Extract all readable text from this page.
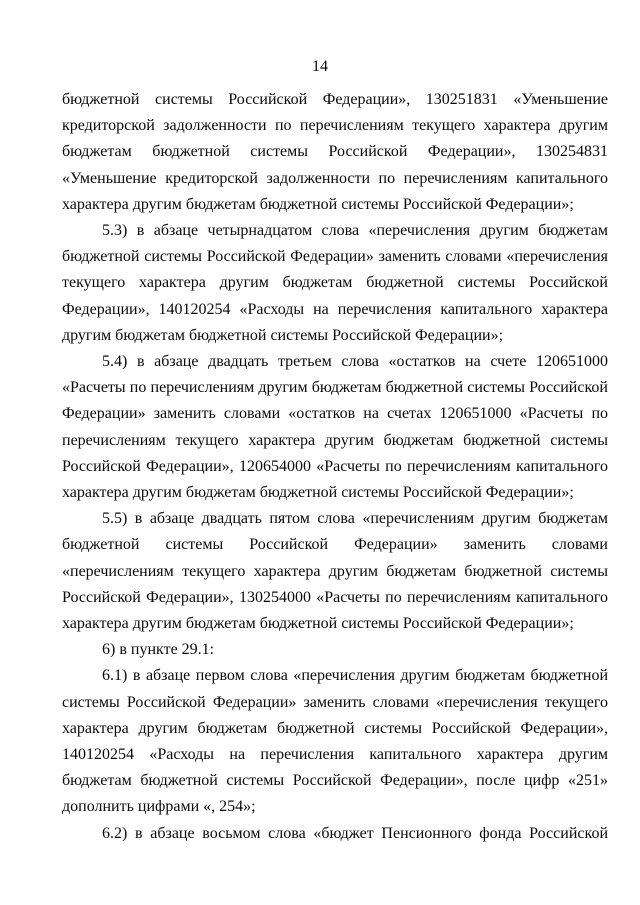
14

бюджетной системы Российской Федерации», 130251831 «Уменьшение кредиторской задолженности по перечислениям текущего характера другим бюджетам бюджетной системы Российской Федерации», 130254831 «Уменьшение кредиторской задолженности по перечислениям капитального характера другим бюджетам бюджетной системы Российской Федерации»;

5.3) в абзаце четырнадцатом слова «перечисления другим бюджетам бюджетной системы Российской Федерации» заменить словами «перечисления текущего характера другим бюджетам бюджетной системы Российской Федерации», 140120254 «Расходы на перечисления капитального характера другим бюджетам бюджетной системы Российской Федерации»;

5.4) в абзаце двадцать третьем слова «остатков на счете 120651000 «Расчеты по перечислениям другим бюджетам бюджетной системы Российской Федерации» заменить словами «остатков на счетах 120651000 «Расчеты по перечислениям текущего характера другим бюджетам бюджетной системы Российской Федерации», 120654000 «Расчеты по перечислениям капитального характера другим бюджетам бюджетной системы Российской Федерации»;

5.5) в абзаце двадцать пятом слова «перечислениям другим бюджетам бюджетной системы Российской Федерации» заменить словами «перечислениям текущего характера другим бюджетам бюджетной системы Российской Федерации», 130254000 «Расчеты по перечислениям капитального характера другим бюджетам бюджетной системы Российской Федерации»;

6) в пункте 29.1:

6.1) в абзаце первом слова «перечисления другим бюджетам бюджетной системы Российской Федерации» заменить словами «перечисления текущего характера другим бюджетам бюджетной системы Российской Федерации», 140120254 «Расходы на перечисления капитального характера другим бюджетам бюджетной системы Российской Федерации», после цифр «251» дополнить цифрами «, 254»;

6.2) в абзаце восьмом слова «бюджет Пенсионного фонда Российской
